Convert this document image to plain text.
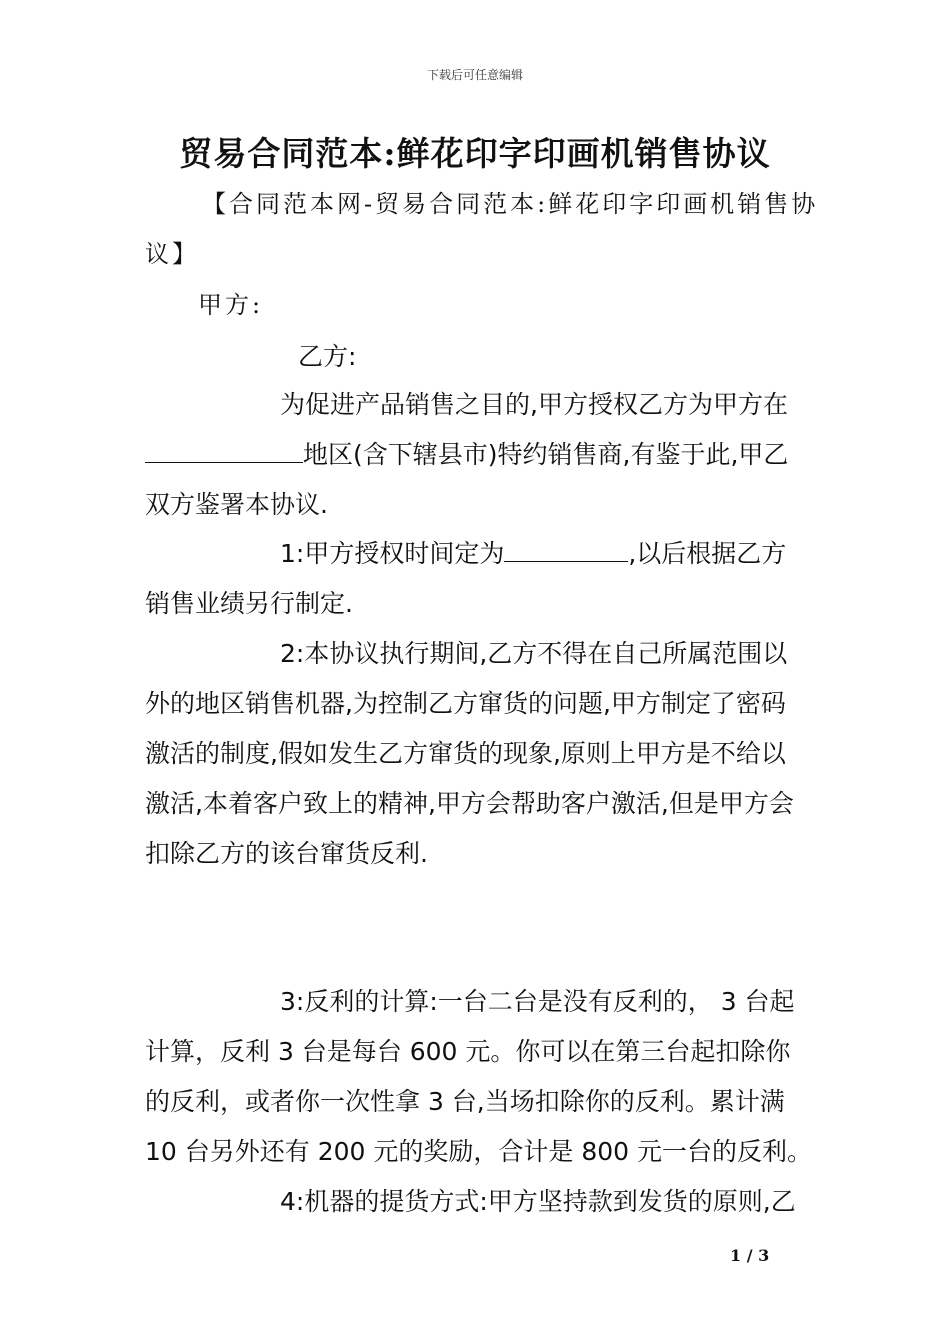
下载后可任意编辑
贸易合同范本:鲜花印字印画机销售协议
【合同范本网-贸易合同范本:鲜花印字印画机销售协
议】
甲方:
乙方:
为促进产品销售之目的,甲方授权乙方为甲方在
地区(含下辖县市)特约销售商,有鉴于此,甲乙
双方鉴署本协议.
1:甲方授权时间定为	,以后根据乙方
销售业绩另行制定.
2:本协议执行期间,乙方不得在自己所属范围以
外的地区销售机器,为控制乙方窜货的问题,甲方制定了密码
激活的制度,假如发生乙方窜货的现象,原则上甲方是不给以
激活,本着客户致上的精神,甲方会帮助客户激活,但是甲方会
扣除乙方的该台窜货反利.
3:反利的计算:一台二台是没有反利的， 3 台起
计算，反利 3 台是每台 600 元。你可以在第三台起扣除你
的反利，或者你一次性拿 3 台,当场扣除你的反利。累计满
10 台另外还有 200 元的奖励，合计是 800 元一台的反利。
4:机器的提货方式:甲方坚持款到发货的原则,乙
1 / 3
